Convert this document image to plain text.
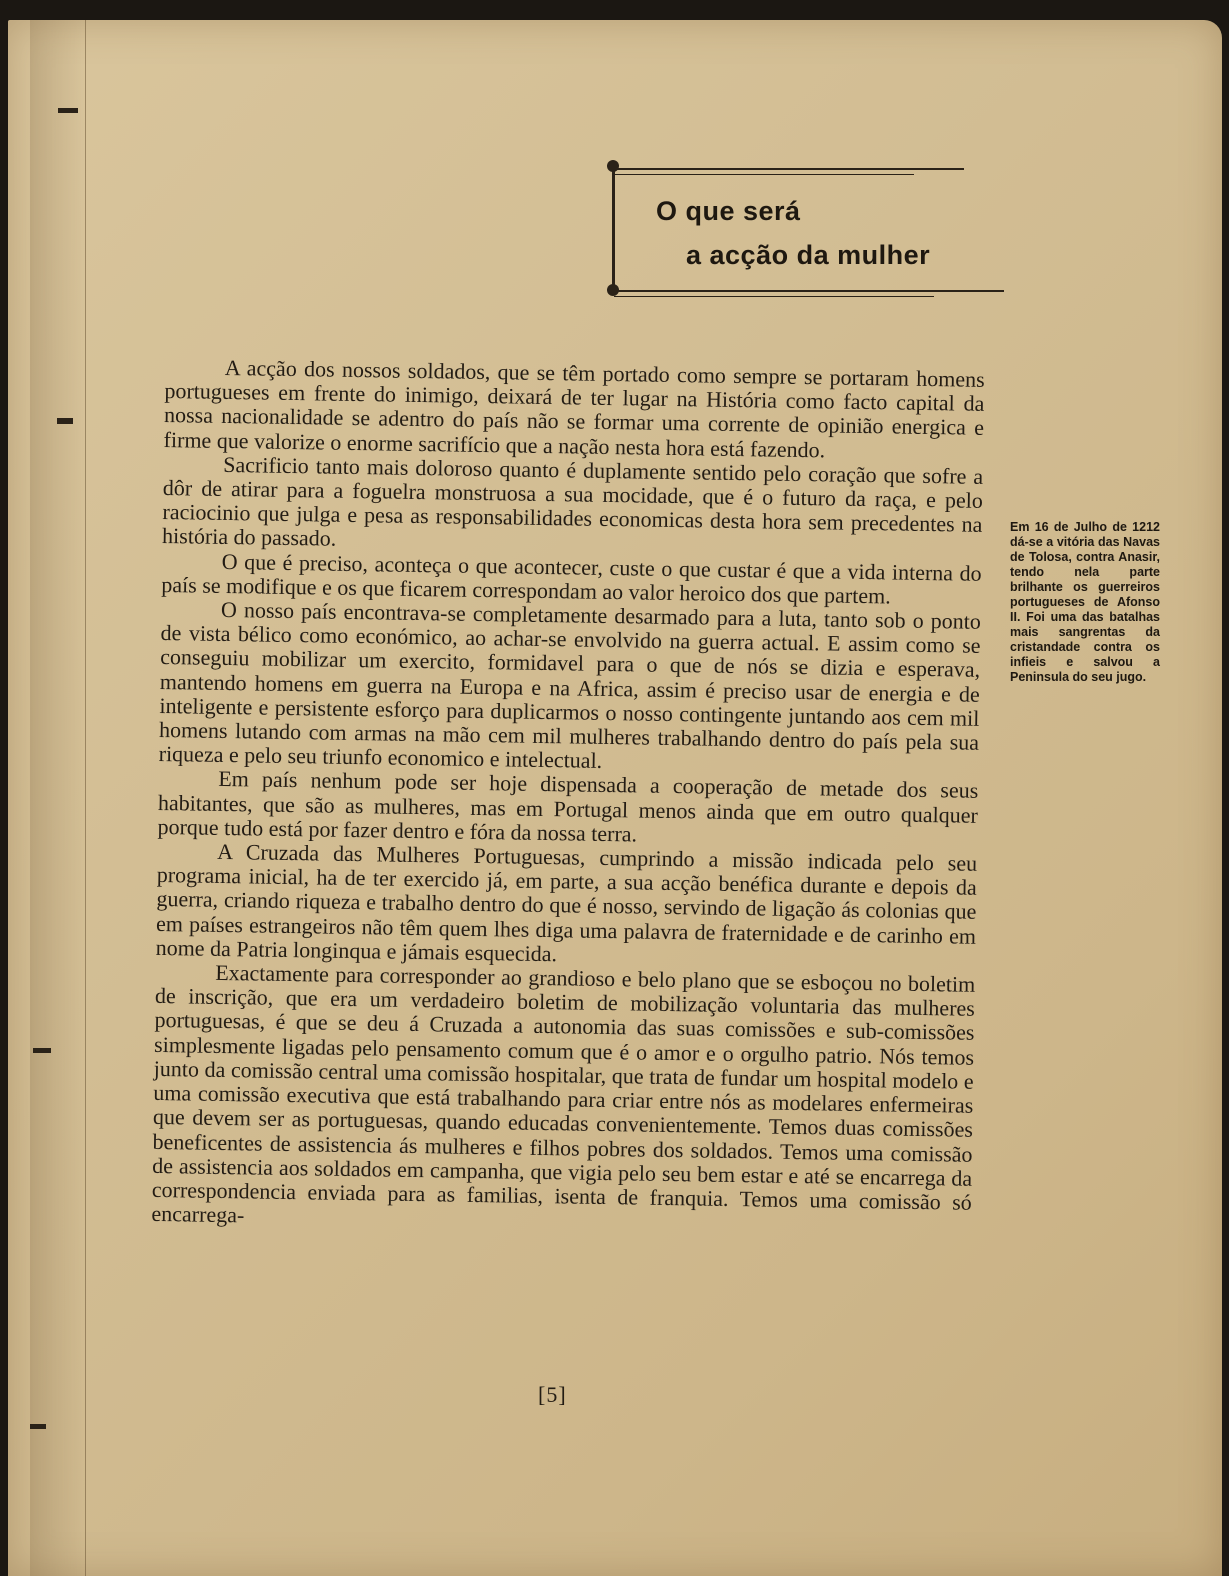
O que será
a acção da mulher

A acção dos nossos soldados, que se têm portado como sempre se portaram homens portugueses em frente do inimigo, deixará de ter lugar na História como facto capital da nossa nacionalidade se adentro do país não se formar uma corrente de opinião energica e firme que valorize o enorme sacrifício que a nação nesta hora está fazendo.

Sacrificio tanto mais doloroso quanto é duplamente sentido pelo coração que sofre a dôr de atirar para a foguelra monstruosa a sua mocidade, que é o futuro da raça, e pelo raciocinio que julga e pesa as responsabilidades economicas desta hora sem precedentes na história do passado.

O que é preciso, aconteça o que acontecer, custe o que custar é que a vida interna do país se modifique e os que ficarem correspondam ao valor heroico dos que partem.

O nosso país encontrava-se completamente desarmado para a luta, tanto sob o ponto de vista bélico como económico, ao achar-se envolvido na guerra actual. E assim como se conseguiu mobilizar um exercito, formidavel para o que de nós se dizia e esperava, mantendo homens em guerra na Europa e na Africa, assim é preciso usar de energia e de inteligente e persistente esforço para duplicarmos o nosso contingente juntando aos cem mil homens lutando com armas na mão cem mil mulheres trabalhando dentro do país pela sua riqueza e pelo seu triunfo economico e intelectual.

Em país nenhum pode ser hoje dispensada a cooperação de metade dos seus habitantes, que são as mulheres, mas em Portugal menos ainda que em outro qualquer porque tudo está por fazer dentro e fóra da nossa terra.

A Cruzada das Mulheres Portuguesas, cumprindo a missão indicada pelo seu programa inicial, ha de ter exercido já, em parte, a sua acção benéfica durante e depois da guerra, criando riqueza e trabalho dentro do que é nosso, servindo de ligação ás colonias que em países estrangeiros não têm quem lhes diga uma palavra de fraternidade e de carinho em nome da Patria longinqua e jámais esquecida.

Exactamente para corresponder ao grandioso e belo plano que se esboçou no boletim de inscrição, que era um verdadeiro boletim de mobilização voluntaria das mulheres portuguesas, é que se deu á Cruzada a autonomia das suas comissões e sub-comissões simplesmente ligadas pelo pensamento comum que é o amor e o orgulho patrio. Nós temos junto da comissão central uma comissão hospitalar, que trata de fundar um hospital modelo e uma comissão executiva que está trabalhando para criar entre nós as modelares enfermeiras que devem ser as portuguesas, quando educadas convenientemente. Temos duas comissões beneficentes de assistencia ás mulheres e filhos pobres dos soldados. Temos uma comissão de assistencia aos soldados em campanha, que vigia pelo seu bem estar e até se encarrega da correspondencia enviada para as familias, isenta de franquia. Temos uma comissão só encarrega-

Em 16 de Julho de 1212 dá-se a vitória das Navas de Tolosa, contra Anasir, tendo nela parte brilhante os guerreiros portugueses de Afonso II. Foi uma das batalhas mais sangrentas da cristandade contra os infieis e salvou a Peninsula do seu jugo.
[5]
